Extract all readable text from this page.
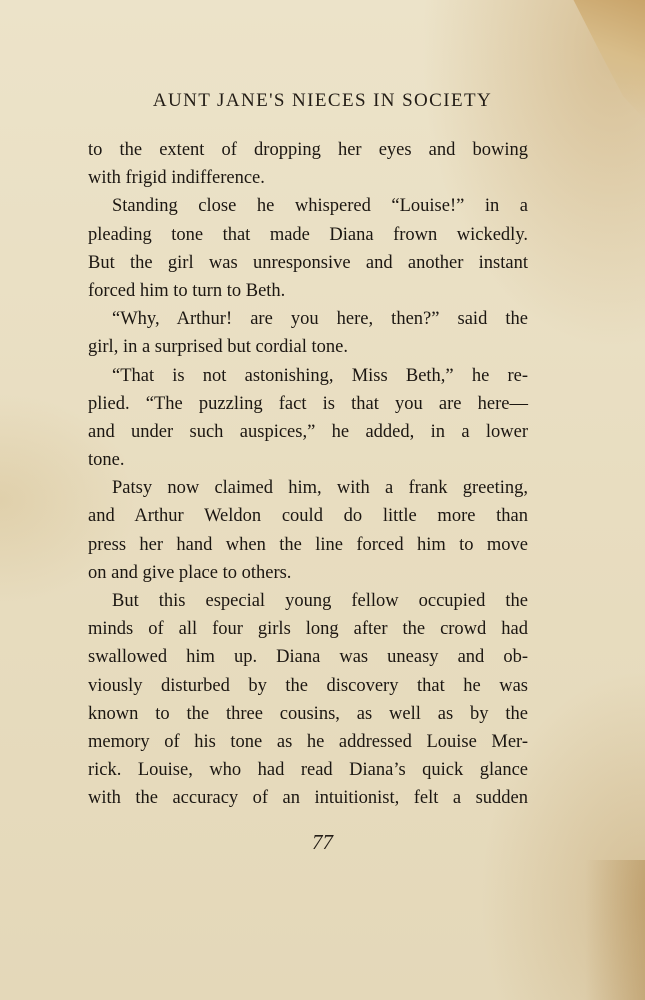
AUNT JANE'S NIECES IN SOCIETY
to the extent of dropping her eyes and bowing
with frigid indifference.
Standing close he whispered “Louise!” in a
pleading tone that made Diana frown wickedly.
But the girl was unresponsive and another instant
forced him to turn to Beth.
“Why, Arthur! are you here, then?” said the
girl, in a surprised but cordial tone.
“That is not astonishing, Miss Beth,” he re-
plied. “The puzzling fact is that you are here—
and under such auspices,” he added, in a lower
tone.
Patsy now claimed him, with a frank greeting,
and Arthur Weldon could do little more than
press her hand when the line forced him to move
on and give place to others.
But this especial young fellow occupied the
minds of all four girls long after the crowd had
swallowed him up. Diana was uneasy and ob-
viously disturbed by the discovery that he was
known to the three cousins, as well as by the
memory of his tone as he addressed Louise Mer-
rick. Louise, who had read Diana’s quick glance
with the accuracy of an intuitionist, felt a sudden
77
